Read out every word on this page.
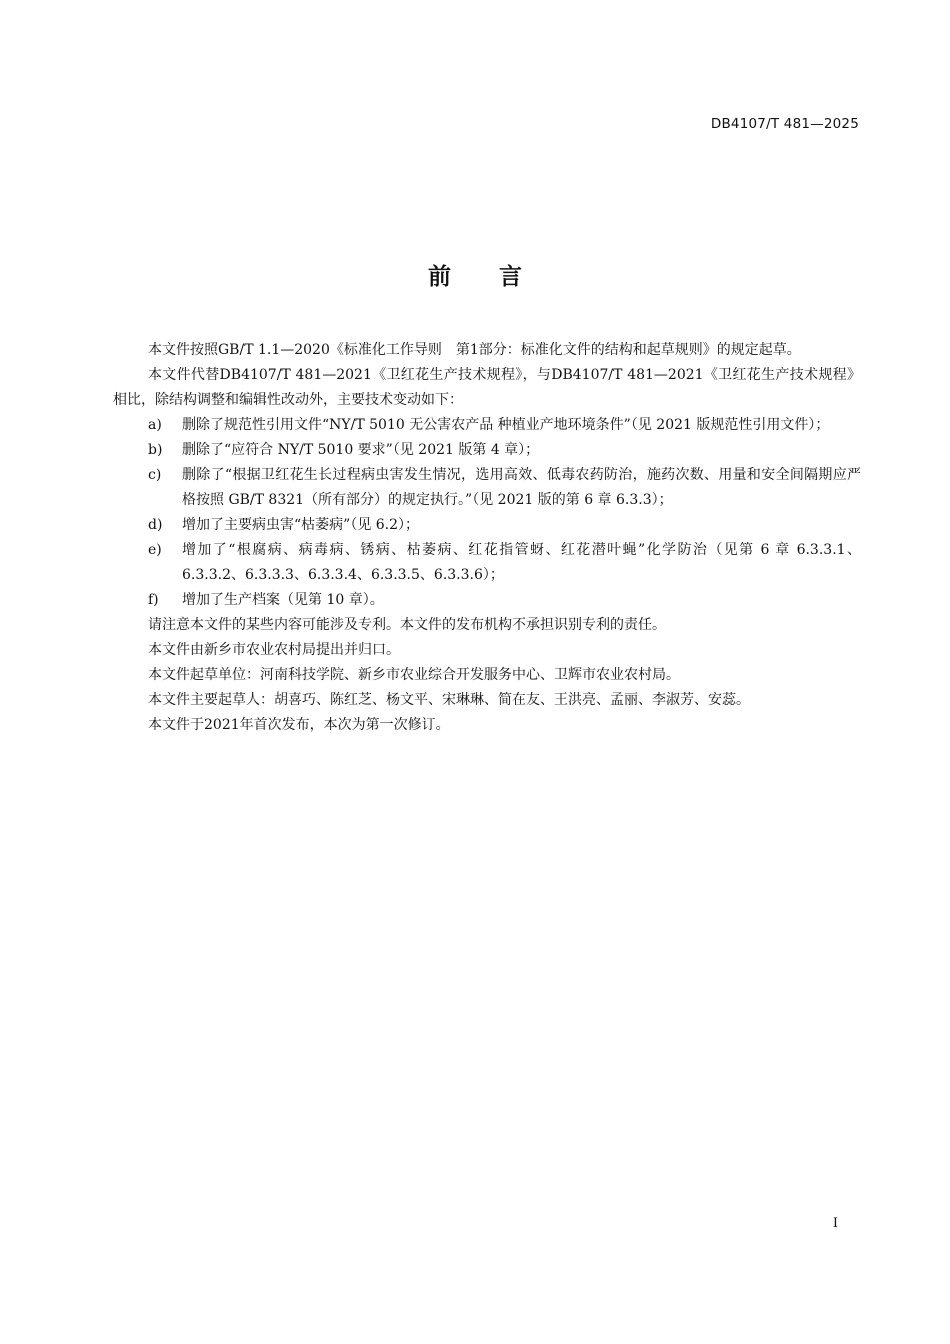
DB4107/T 481—2025
前 言

本文件按照GB/T 1.1—2020《标准化工作导则　第1部分：标准化文件的结构和起草规则》的规定起草。

本文件代替DB4107/T 481—2021《卫红花生产技术规程》，与DB4107/T 481—2021《卫红花生产技术规程》相比，除结构调整和编辑性改动外，主要技术变动如下：

a) 删除了规范性引用文件“NY/T 5010 无公害农产品 种植业产地环境条件”（见 2021 版规范性引用文件）；
b) 删除了“应符合 NY/T 5010 要求”（见 2021 版第 4 章）；
c) 删除了“根据卫红花生长过程病虫害发生情况，选用高效、低毒农药防治，施药次数、用量和安全间隔期应严格按照 GB/T 8321（所有部分）的规定执行。”（见 2021 版的第 6 章 6.3.3）；
d) 增加了主要病虫害“枯萎病”（见 6.2）；
e) 增加了“根腐病、病毒病、锈病、枯萎病、红花指管蚜、红花潜叶蝇”化学防治（见第 6 章 6.3.3.1、6.3.3.2、6.3.3.3、6.3.3.4、6.3.3.5、6.3.3.6）；
f) 增加了生产档案（见第 10 章）。

请注意本文件的某些内容可能涉及专利。本文件的发布机构不承担识别专利的责任。

本文件由新乡市农业农村局提出并归口。

本文件起草单位：河南科技学院、新乡市农业综合开发服务中心、卫辉市农业农村局。

本文件主要起草人：胡喜巧、陈红芝、杨文平、宋琳琳、简在友、王洪亮、孟丽、李淑芳、安蕊。

本文件于2021年首次发布，本次为第一次修订。

I
